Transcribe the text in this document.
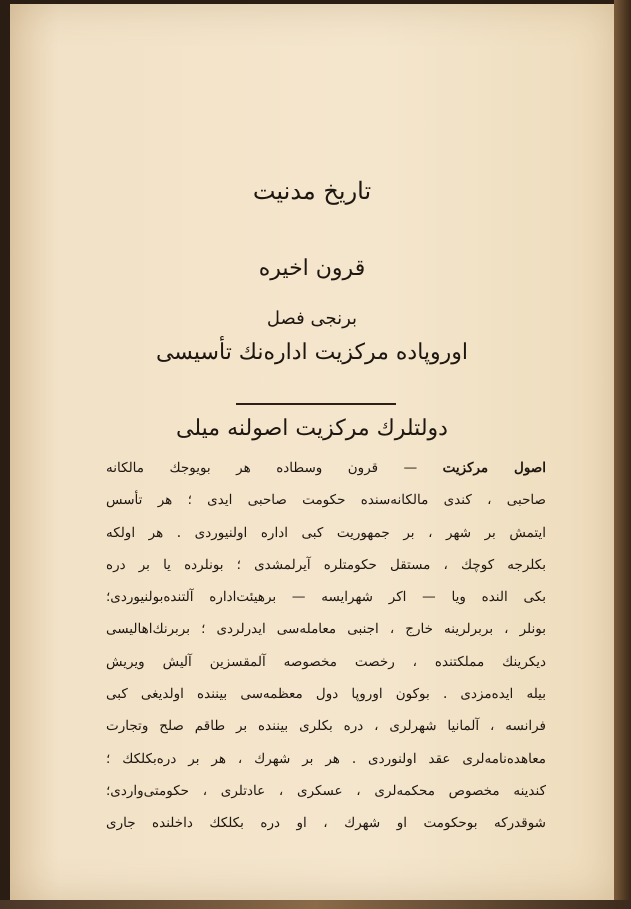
تاریخ مدنیت
قرون اخیره
برنجی فصل
اوروپاده مرکزیت اداره‌نك تأسیسی
دولتلرك مرکزیت اصولنه میلی
اصول مرکزیت — قرون وسطاده هر بویوجك مالکانه
صاحبی ، کندی مالکانه‌سنده حکومت صاحبی ایدی ؛ هر تأسس
ایتمش بر شهر ، بر جمهوریت کبی اداره اولنیوردی . هر اولکه
بکلرجه کوچك ، مستقل حکومتلره آیرلمشدی ؛ بونلرده یا بر دره
بکی النده ویا — اکر شهرایسه — برهیئت‌اداره آلتنده‌بولنیوردی؛
بونلر ، بربرلرینه خارج ، اجنبی معامله‌سی ایدرلردی ؛ بربرنك‌اهالیسی
دیکرینك مملکتنده ، رخصت مخصوصه آلمقسزین آلیش ویریش
بیله ایده‌مزدی . بوکون اوروپا دول معظمه‌سی بیننده اولدیغی کبی
فرانسه ، آلمانیا شهرلری ، دره بکلری بیننده بر طاقم صلح وتجارت
معاهده‌نامه‌لری عقد اولنوردی . هر بر شهرك ، هر بر دره‌بکلکك ؛
کندینه مخصوص محکمه‌لری ، عسکری ، عادتلری ، حکومتی‌واردی؛
شوقدرکه بوحکومت او شهرك ، او دره بکلکك داخلنده جاری
